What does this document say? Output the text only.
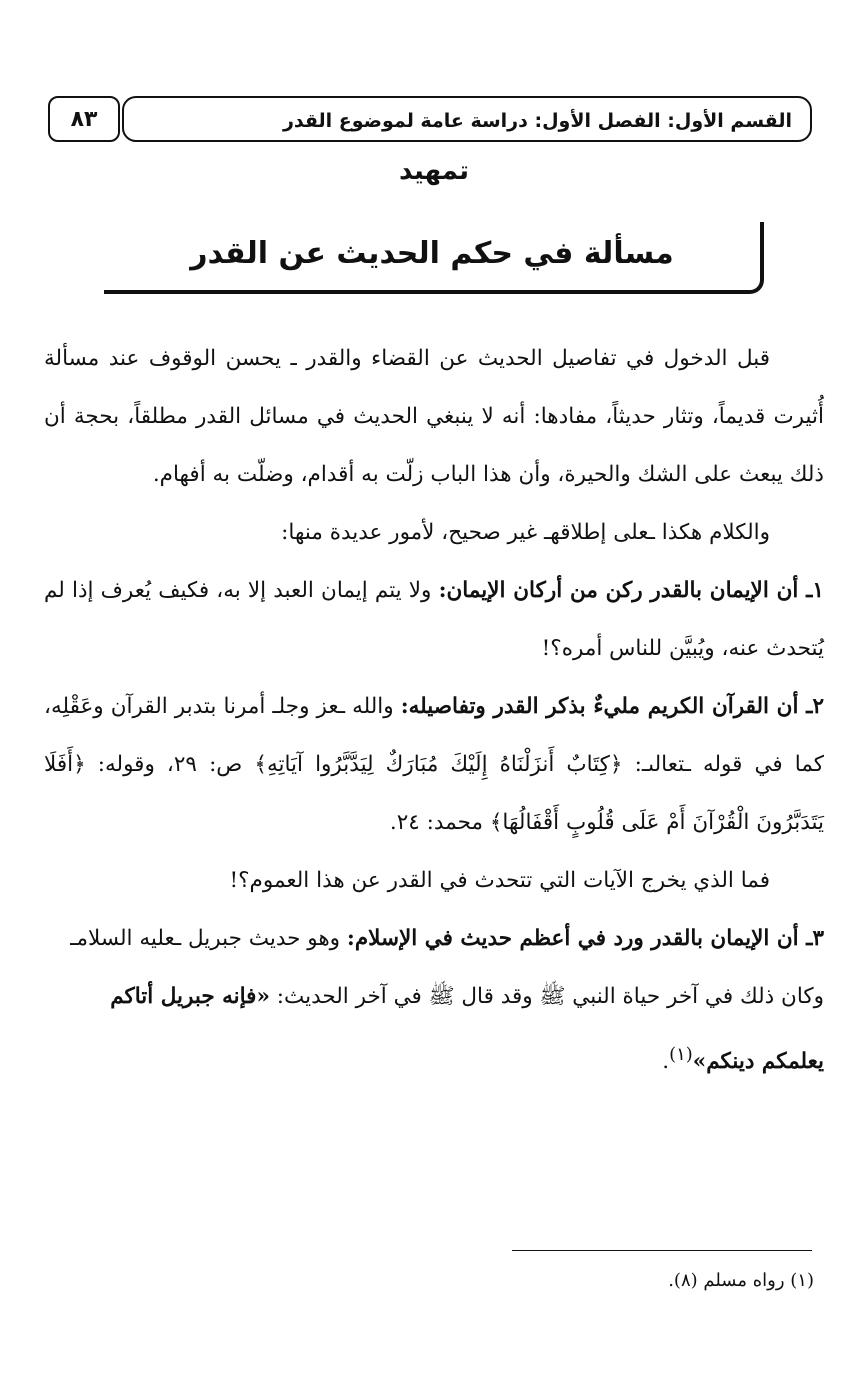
٨٣	القسم الأول: الفصل الأول: دراسة عامة لموضوع القدر
تمهيد
مسألة في حكم الحديث عن القدر

قبل الدخول في تفاصيل الحديث عن القضاء والقدر ـ يحسن الوقوف عند مسألة أُثيرت قديماً، وتثار حديثاً، مفادها: أنه لا ينبغي الحديث في مسائل القدر مطلقاً، بحجة أن ذلك يبعث على الشك والحيرة، وأن هذا الباب زلّت به أقدام، وضلّت به أفهام.

والكلام هكذا ـعلى إطلاقهـ غير صحيح، لأمور عديدة منها:

١ـ أن الإيمان بالقدر ركن من أركان الإيمان: ولا يتم إيمان العبد إلا به، فكيف يُعرف إذا لم يُتحدث عنه، ويُبيَّن للناس أمره؟!

٢ـ أن القرآن الكريم مليءٌ بذكر القدر وتفاصيله: والله ـعز وجلـ أمرنا بتدبر القرآن وعَقْلِه، كما في قوله ـتعالىـ: ﴿كِتَابٌ أَنزَلْنَاهُ إِلَيْكَ مُبَارَكٌ لِيَدَّبَّرُوا آيَاتِهِ﴾ ص: ٢٩، وقوله: ﴿أَفَلَا يَتَدَبَّرُونَ الْقُرْآنَ أَمْ عَلَى قُلُوبٍ أَقْفَالُهَا﴾ محمد: ٢٤.

فما الذي يخرج الآيات التي تتحدث في القدر عن هذا العموم؟!

٣ـ أن الإيمان بالقدر ورد في أعظم حديث في الإسلام: وهو حديث جبريل ـعليه السلامـ وكان ذلك في آخر حياة النبي ﷺ وقد قال ﷺ في آخر الحديث: «فإنه جبريل أتاكم يعلمكم دينكم»$^{(١)}$.

(١) رواه مسلم (٨).
